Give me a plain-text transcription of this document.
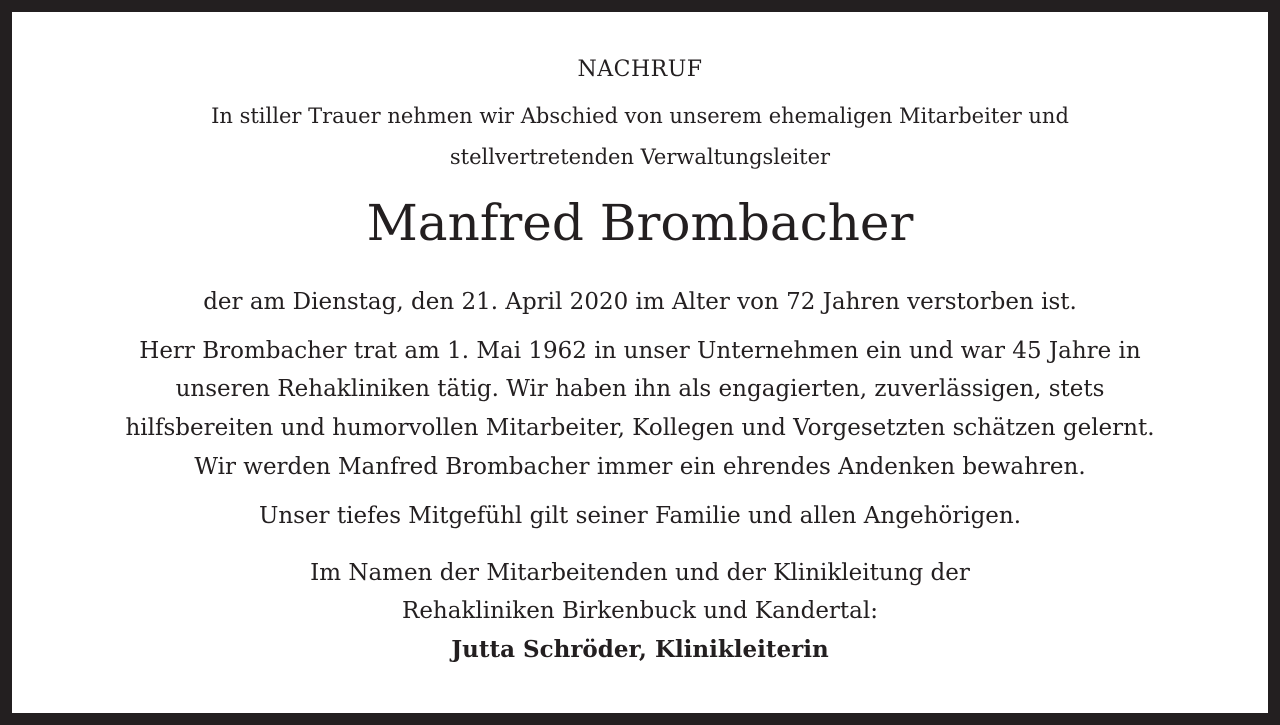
NACHRUF
In stiller Trauer nehmen wir Abschied von unserem ehemaligen Mitarbeiter und
stellvertretenden Verwaltungsleiter
Manfred Brombacher
der am Dienstag, den 21. April 2020 im Alter von 72 Jahren verstorben ist.
Herr Brombacher trat am 1. Mai 1962 in unser Unternehmen ein und war 45 Jahre in
unseren Rehakliniken tätig. Wir haben ihn als engagierten, zuverlässigen, stets
hilfsbereiten und humorvollen Mitarbeiter, Kollegen und Vorgesetzten schätzen gelernt.
Wir werden Manfred Brombacher immer ein ehrendes Andenken bewahren.
Unser tiefes Mitgefühl gilt seiner Familie und allen Angehörigen.
Im Namen der Mitarbeitenden und der Klinikleitung der
Rehakliniken Birkenbuck und Kandertal:
Jutta Schröder, Klinikleiterin
